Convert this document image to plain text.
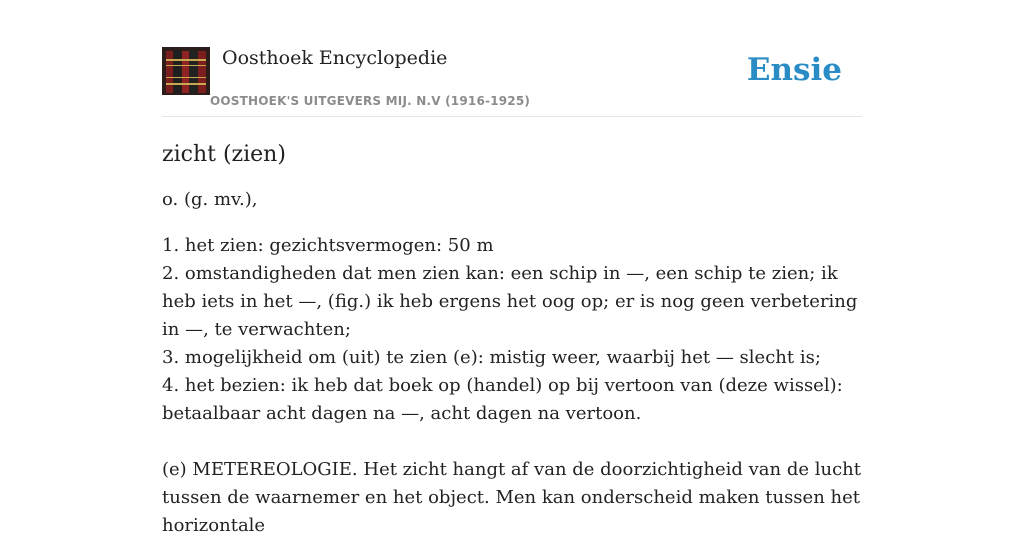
Oosthoek Encyclopedie
OOSTHOEK'S UITGEVERS MIJ. N.V (1916-1925)
Ensie
zicht (zien)

o. (g. mv.),

1. het zien: gezichtsvermogen: 50 m
2. omstandigheden dat men zien kan: een schip in —, een schip te zien; ik heb iets in het —, (fig.) ik heb ergens het oog op; er is nog geen verbetering in —, te verwachten;
3. mogelijkheid om (uit) te zien (e): mistig weer, waarbij het — slecht is;
4. het bezien: ik heb dat boek op (handel) op bij vertoon van (deze wissel): betaalbaar acht dagen na —, acht dagen na vertoon.

(e) METEREOLOGIE. Het zicht hangt af van de doorzichtigheid van de lucht tussen de waarnemer en het object. Men kan onderscheid maken tussen het horizontale
